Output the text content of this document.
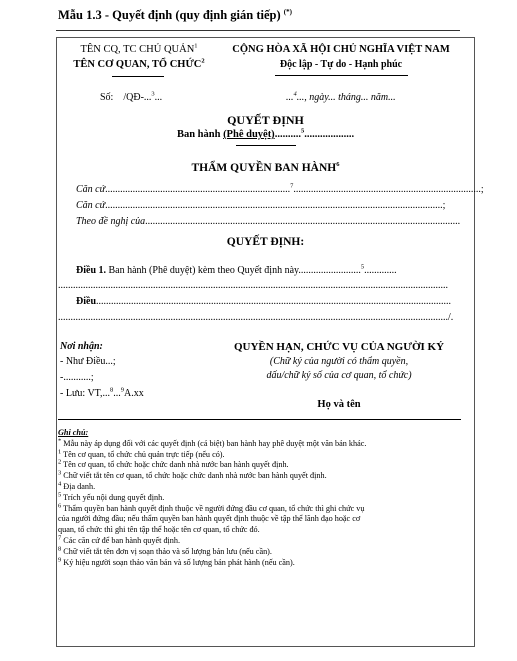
Mẫu 1.3 - Quyết định (quy định gián tiếp) (*)
TÊN CQ, TC CHỦ QUẢN$^1$
TÊN CƠ QUAN, TỔ CHỨC$^2$
CỘNG HÒA XÃ HỘI CHỦ NGHĨA VIỆT NAM
Độc lập - Tự do - Hạnh phúc
Số: /QĐ-...$^3$...	...$^4$..., ngày... tháng... năm...
QUYẾT ĐỊNH
Ban hành (Phê duyệt)..........$^5$...................
THẨM QUYỀN BAN HÀNH$^6$
Căn cứ..........................................................................$^7$...........................................................................;
Căn cứ.......................................................................................................................................;
Theo đề nghị của..............................................................................................................................
QUYẾT ĐỊNH:
Điều 1. Ban hành (Phê duyệt) kèm theo Quyết định này.........................$^5$.............
............................................................................................................................................................
Điều..............................................................................................................................................
............................................................................................................................................................/.
Nơi nhận:
- Như Điều...;
-...........;
- Lưu: VT,...$^8$...$^9$A.xx
QUYỀN HẠN, CHỨC VỤ CỦA NGƯỜI KÝ
(Chữ ký của người có thẩm quyền,
dấu/chữ ký số của cơ quan, tổ chức)
Họ và tên
Ghi chú:
* Mẫu này áp dụng đối với các quyết định (cá biệt) ban hành hay phê duyệt một văn bản khác.
$^1$ Tên cơ quan, tổ chức chủ quản trực tiếp (nếu có).
$^2$ Tên cơ quan, tổ chức hoặc chức danh nhà nước ban hành quyết định.
$^3$ Chữ viết tắt tên cơ quan, tổ chức hoặc chức danh nhà nước ban hành quyết định.
$^4$ Địa danh.
$^5$ Trích yếu nội dung quyết định.
$^6$ Thẩm quyền ban hành quyết định thuộc về người đứng đầu cơ quan, tổ chức thì ghi chức vụ
của người đứng đầu; nếu thẩm quyền ban hành quyết định thuộc về tập thể lãnh đạo hoặc cơ
quan, tổ chức thì ghi tên tập thể hoặc tên cơ quan, tổ chức đó.
$^7$ Các căn cứ để ban hành quyết định.
$^8$ Chữ viết tắt tên đơn vị soạn thảo và số lượng bản lưu (nếu cần).
$^9$ Ký hiệu người soạn thảo văn bản và số lượng bản phát hành (nếu cần).
